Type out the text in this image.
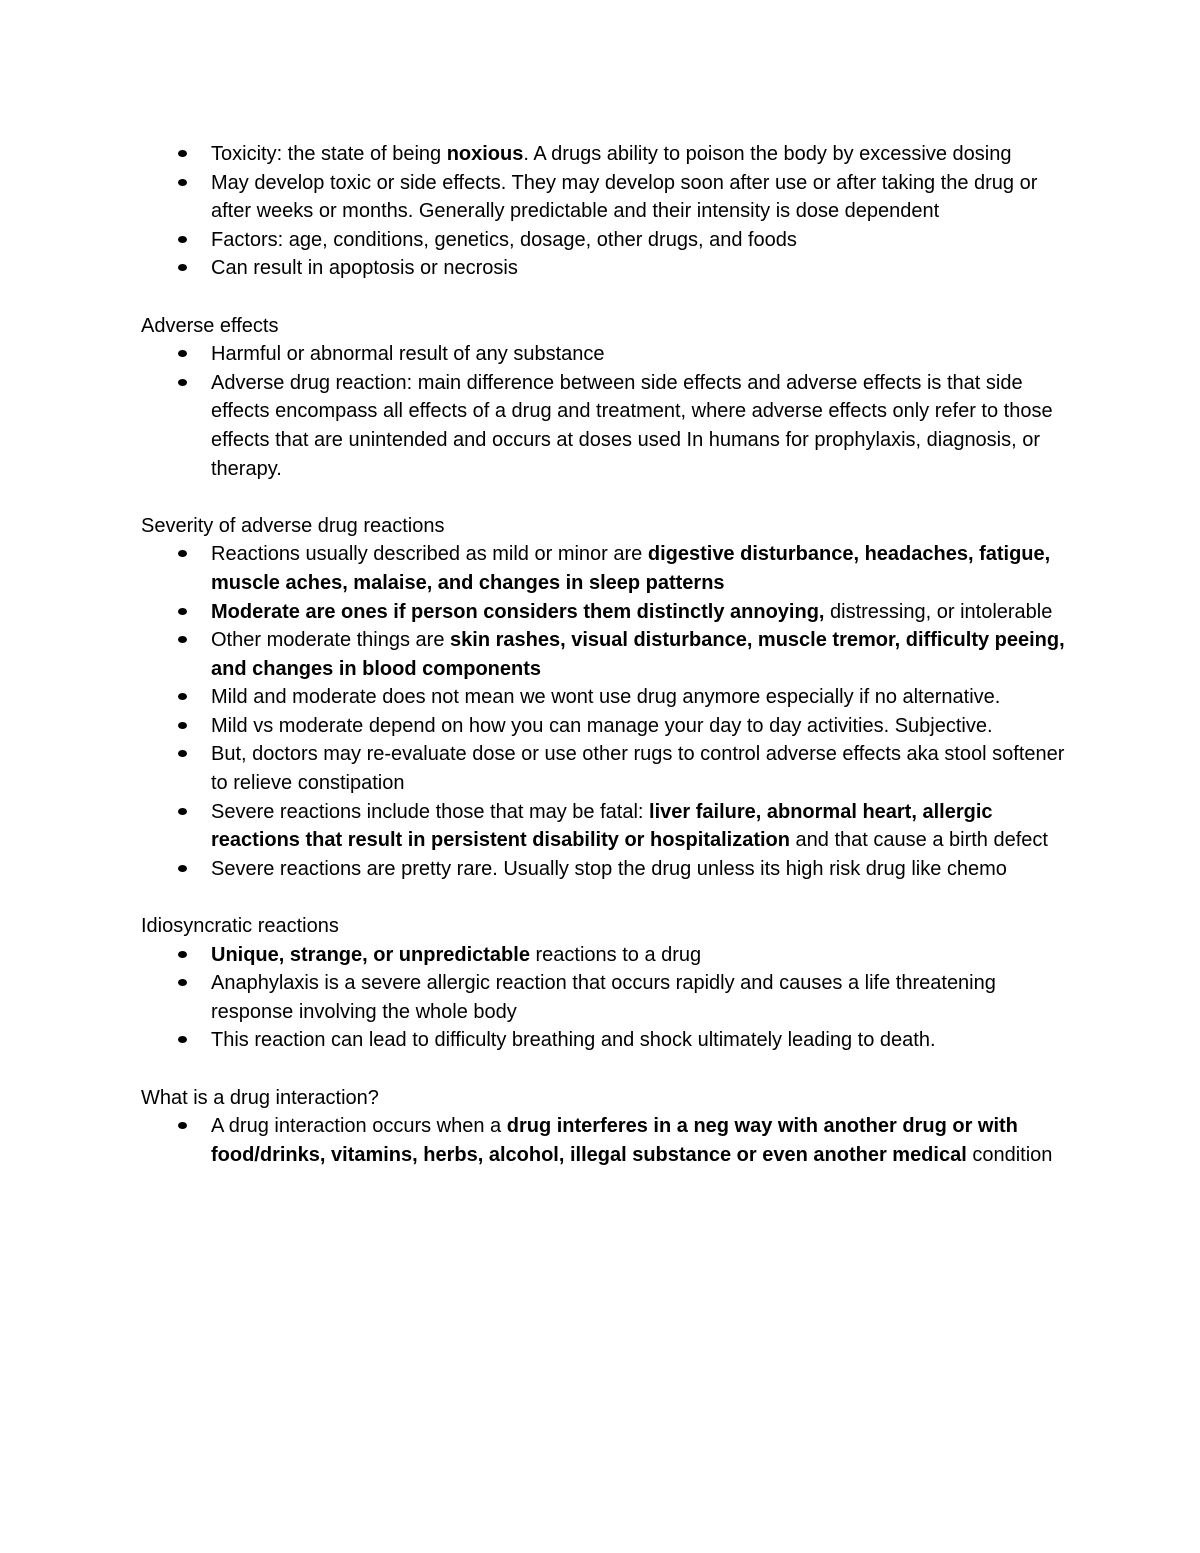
Toxicity: the state of being noxious. A drugs ability to poison the body by excessive dosing
May develop toxic or side effects. They may develop soon after use or after taking the drug or after weeks or months. Generally predictable and their intensity is dose dependent
Factors: age, conditions, genetics, dosage, other drugs, and foods
Can result in apoptosis or necrosis

Adverse effects

Harmful or abnormal result of any substance
Adverse drug reaction: main difference between side effects and adverse effects is that side effects encompass all effects of a drug and treatment, where adverse effects only refer to those effects that are unintended and occurs at doses used In humans for prophylaxis, diagnosis, or therapy.

Severity of adverse drug reactions

Reactions usually described as mild or minor are digestive disturbance, headaches, fatigue, muscle aches, malaise, and changes in sleep patterns
Moderate are ones if person considers them distinctly annoying, distressing, or intolerable
Other moderate things are skin rashes, visual disturbance, muscle tremor, difficulty peeing, and changes in blood components
Mild and moderate does not mean we wont use drug anymore especially if no alternative.
Mild vs moderate depend on how you can manage your day to day activities. Subjective.
But, doctors may re-evaluate dose or use other rugs to control adverse effects aka stool softener to relieve constipation
Severe reactions include those that may be fatal: liver failure, abnormal heart, allergic reactions that result in persistent disability or hospitalization and that cause a birth defect
Severe reactions are pretty rare. Usually stop the drug unless its high risk drug like chemo

Idiosyncratic reactions

Unique, strange, or unpredictable reactions to a drug
Anaphylaxis is a severe allergic reaction that occurs rapidly and causes a life threatening response involving the whole body
This reaction can lead to difficulty breathing and shock ultimately leading to death.

What is a drug interaction?

A drug interaction occurs when a drug interferes in a neg way with another drug or with food/drinks, vitamins, herbs, alcohol, illegal substance or even another medical condition
